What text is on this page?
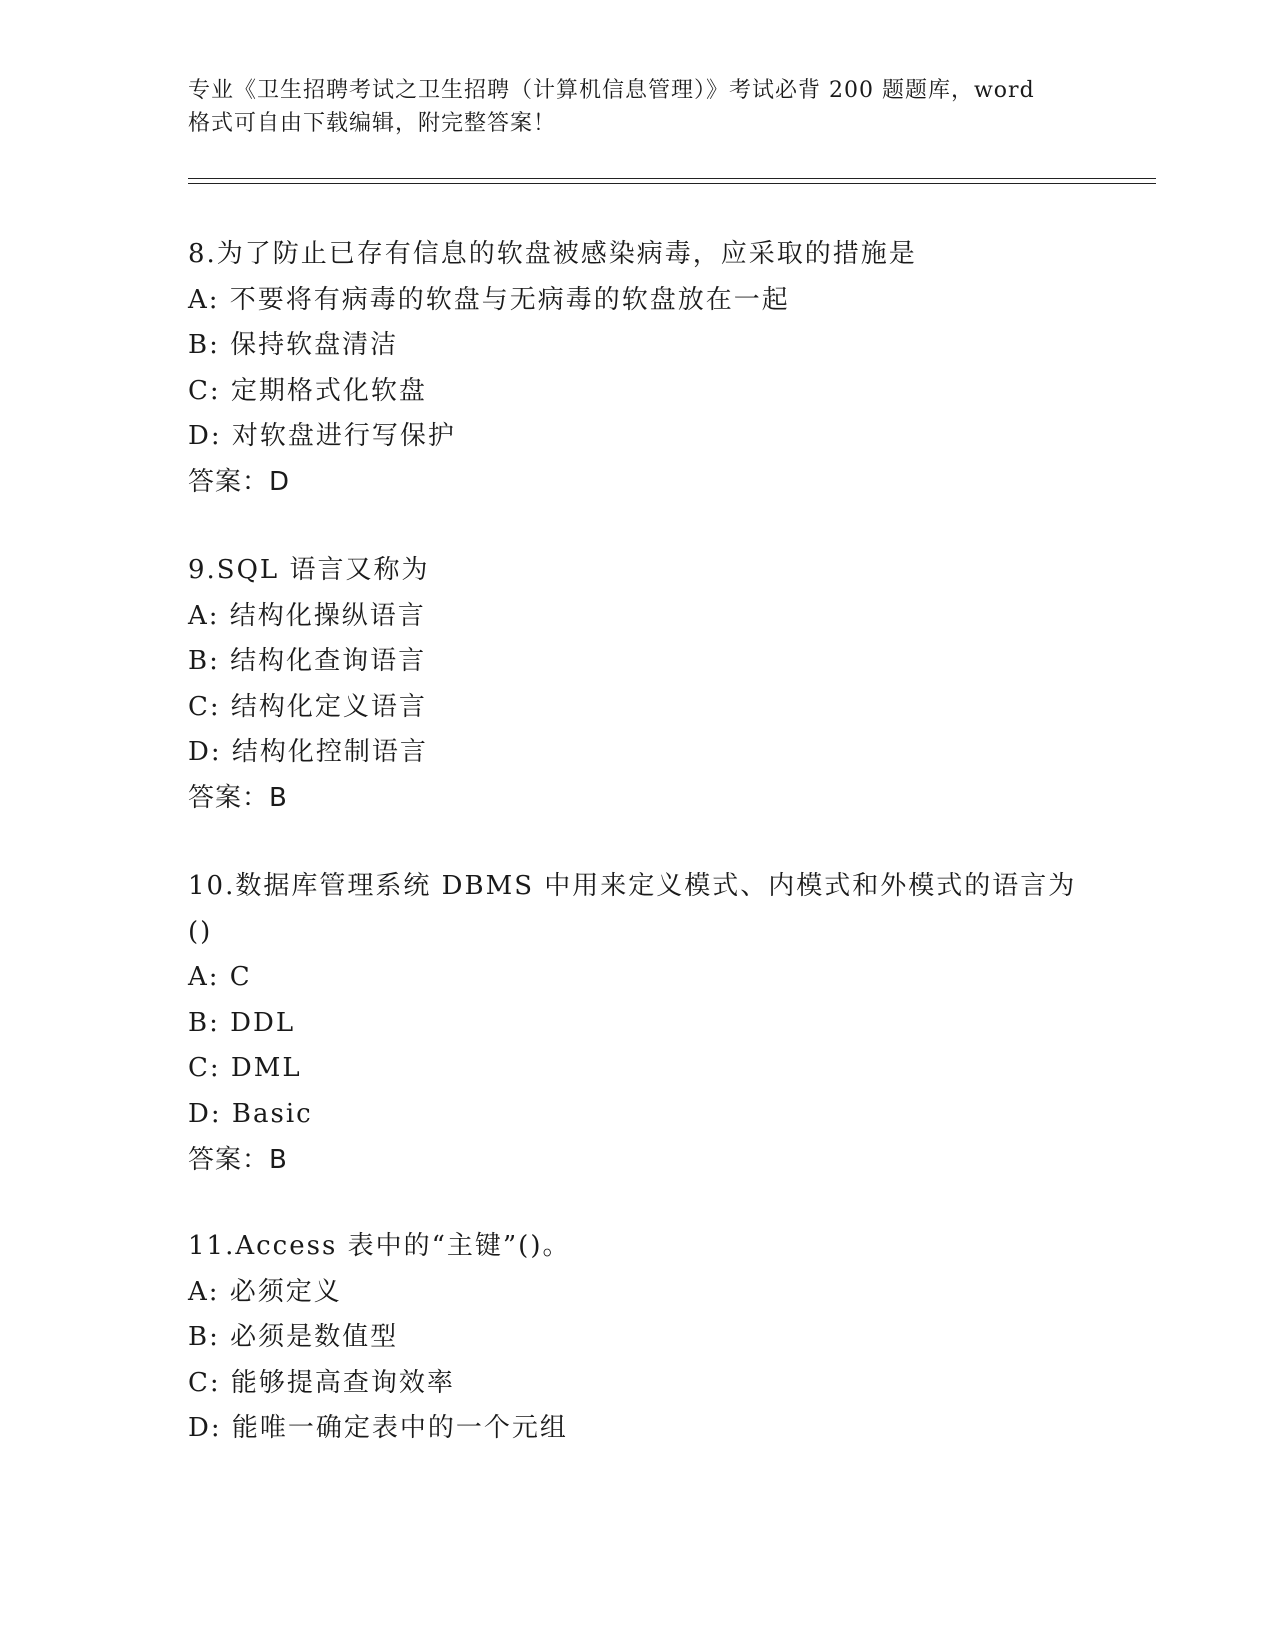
专业《卫生招聘考试之卫生招聘（计算机信息管理）》考试必背 200 题题库，word
格式可自由下载编辑，附完整答案！
8.为了防止已存有信息的软盘被感染病毒，应采取的措施是
A: 不要将有病毒的软盘与无病毒的软盘放在一起
B: 保持软盘清洁
C: 定期格式化软盘
D: 对软盘进行写保护
答案：D
9.SQL 语言又称为
A: 结构化操纵语言
B: 结构化查询语言
C: 结构化定义语言
D: 结构化控制语言
答案：B
10.数据库管理系统 DBMS 中用来定义模式、内模式和外模式的语言为
()
A: C
B: DDL
C: DML
D: Basic
答案：B
11.Access 表中的“主键”()。
A: 必须定义
B: 必须是数值型
C: 能够提高查询效率
D: 能唯一确定表中的一个元组
